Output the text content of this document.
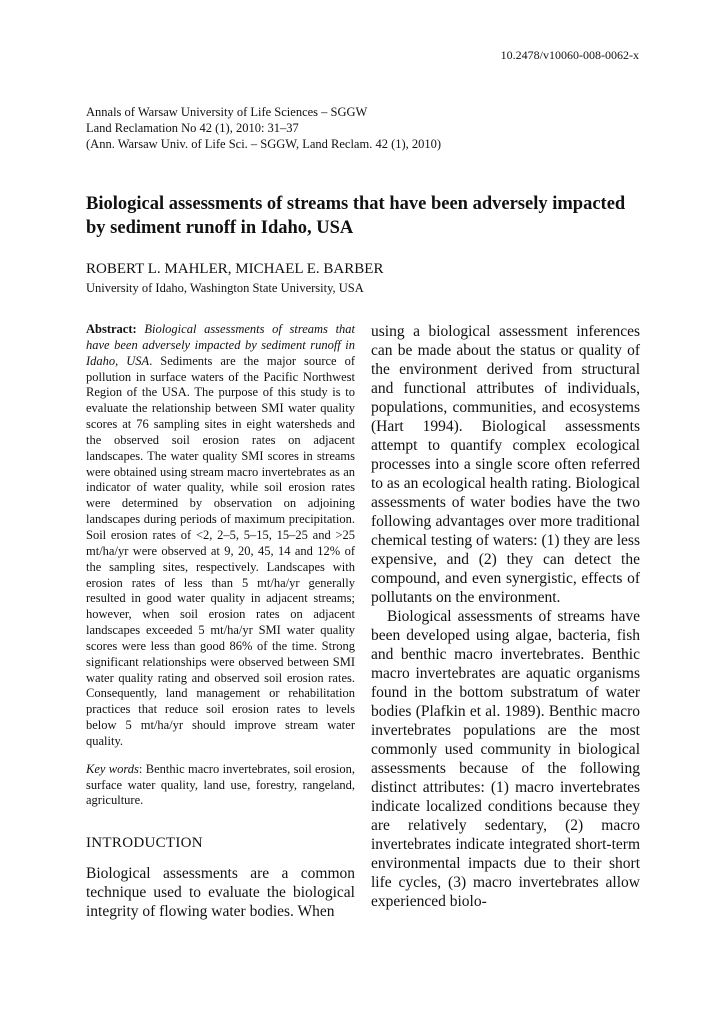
10.2478/v10060-008-0062-x
Annals of Warsaw University of Life Sciences – SGGW
Land Reclamation No 42 (1), 2010: 31–37
(Ann. Warsaw Univ. of Life Sci. – SGGW, Land Reclam. 42 (1), 2010)
Biological assessments of streams that have been adversely impacted by sediment runoff in Idaho, USA
ROBERT L. MAHLER, MICHAEL E. BARBER
University of Idaho, Washington State University, USA

Abstract: Biological assessments of streams that have been adversely impacted by sediment runoff in Idaho, USA. Sediments are the major source of pollution in surface waters of the Pacific Northwest Region of the USA. The purpose of this study is to evaluate the relationship between SMI water quality scores at 76 sampling sites in eight watersheds and the observed soil erosion rates on adjacent landscapes. The water quality SMI scores in streams were obtained using stream macro invertebrates as an indicator of water quality, while soil erosion rates were determined by observation on adjoining landscapes during periods of maximum precipitation. Soil erosion rates of <2, 2–5, 5–15, 15–25 and >25 mt/ha/yr were observed at 9, 20, 45, 14 and 12% of the sampling sites, respectively. Landscapes with erosion rates of less than 5 mt/ha/yr generally resulted in good water quality in adjacent streams; however, when soil erosion rates on adjacent landscapes exceeded 5 mt/ha/yr SMI water quality scores were less than good 86% of the time. Strong significant relationships were observed between SMI water quality rating and observed soil erosion rates. Consequently, land management or rehabilitation practices that reduce soil erosion rates to levels below 5 mt/ha/yr should improve stream water quality.

Key words: Benthic macro invertebrates, soil erosion, surface water quality, land use, forestry, rangeland, agriculture.

INTRODUCTION

Biological assessments are a common technique used to evaluate the biological integrity of flowing water bodies. When

using a biological assessment inferences can be made about the status or quality of the environment derived from structural and functional attributes of individuals, populations, communities, and ecosystems (Hart 1994). Biological assessments attempt to quantify complex ecological processes into a single score often referred to as an ecological health rating. Biological assessments of water bodies have the two following advantages over more traditional chemical testing of waters: (1) they are less expensive, and (2) they can detect the compound, and even synergistic, effects of pollutants on the environment.

Biological assessments of streams have been developed using algae, bacteria, fish and benthic macro invertebrates. Benthic macro invertebrates are aquatic organisms found in the bottom substratum of water bodies (Plafkin et al. 1989). Benthic macro invertebrates populations are the most commonly used community in biological assessments because of the following distinct attributes: (1) macro invertebrates indicate localized conditions because they are relatively sedentary, (2) macro invertebrates indicate integrated short-term environmental impacts due to their short life cycles, (3) macro invertebrates allow experienced biolo-
